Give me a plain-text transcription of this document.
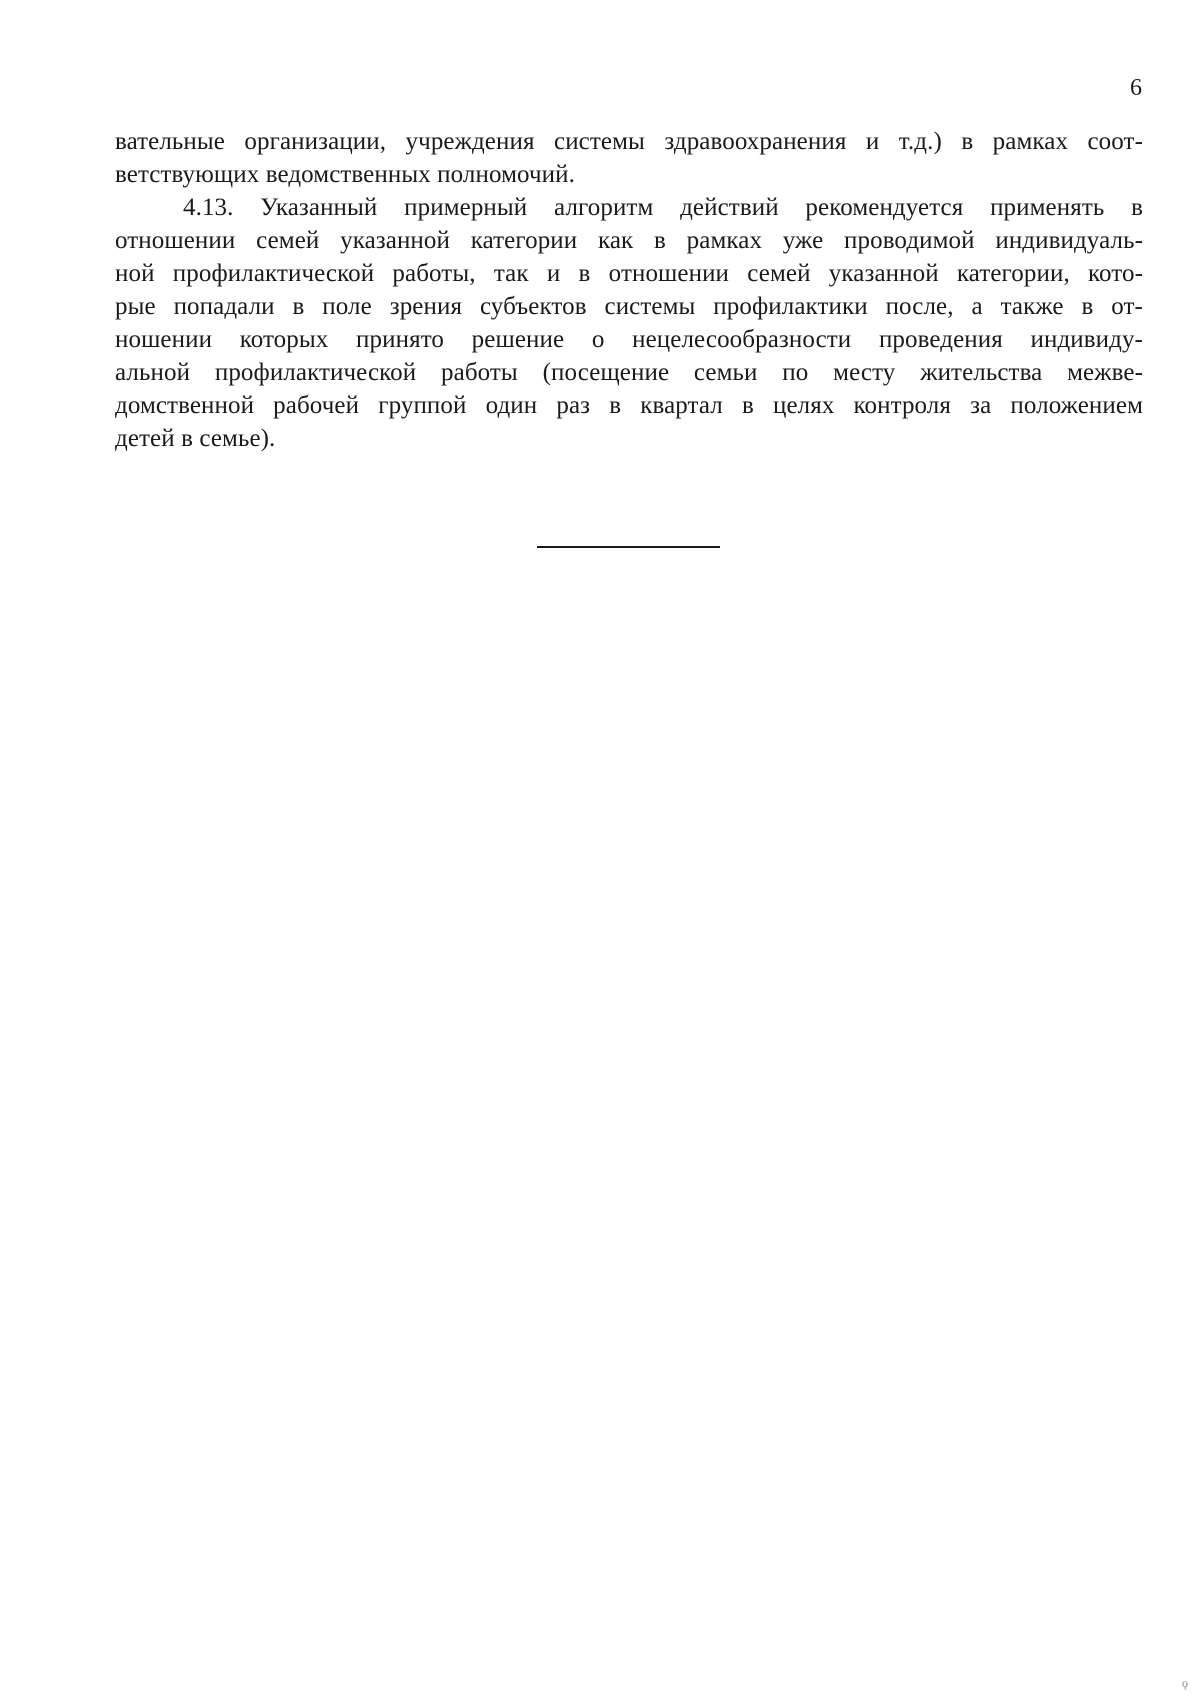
6
вательные организации, учреждения системы здравоохранения и т.д.) в рамках соот-
ветствующих ведомственных полномочий.
4.13. Указанный примерный алгоритм действий рекомендуется применять в
отношении семей указанной категории как в рамках уже проводимой индивидуаль-
ной профилактической работы, так и в отношении семей указанной категории, кото-
рые попадали в поле зрения субъектов системы профилактики после, а также в от-
ношении которых принято решение о нецелесообразности проведения индивиду-
альной профилактической работы (посещение семьи по месту жительства межве-
домственной рабочей группой один раз в квартал в целях контроля за положением
детей в семье).
ǫ
